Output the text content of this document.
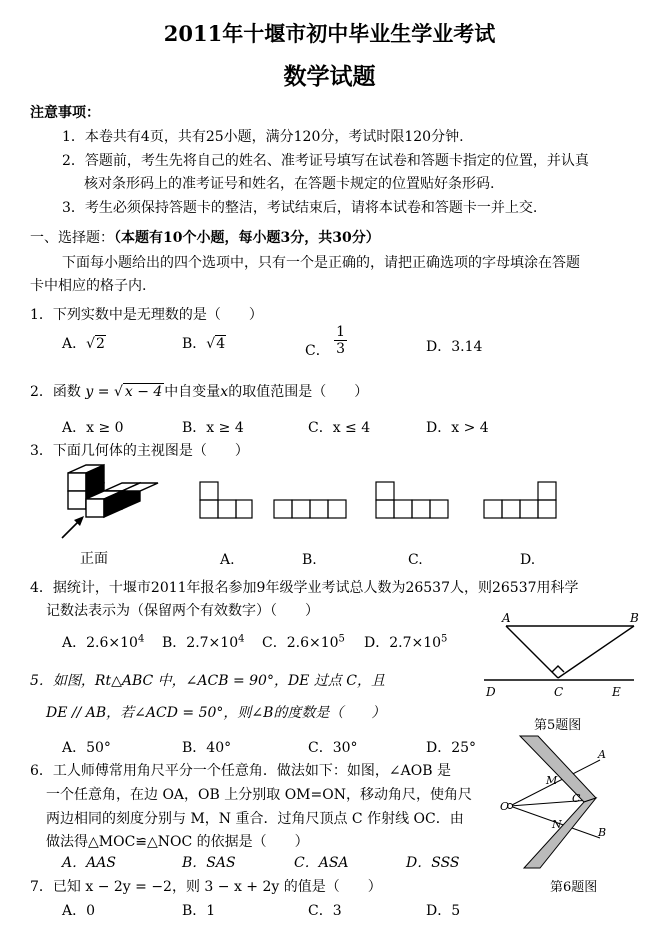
2011年十堰市初中毕业生学业考试
数学试题
注意事项：
1．本卷共有4页，共有25小题，满分120分，考试时限120分钟.
2．答题前，考生先将自己的姓名、准考证号填写在试卷和答题卡指定的位置，并认真
核对条形码上的准考证号和姓名，在答题卡规定的位置贴好条形码.
3．考生必须保持答题卡的整洁，考试结束后，请将本试卷和答题卡一并上交.
一、选择题：（本题有10个小题，每小题3分，共30分）
下面每小题给出的四个选项中，只有一个是正确的，请把正确选项的字母填涂在答题
卡中相应的格子内.
1．下列实数中是无理数的是（　　）
A．√2	B．√4	C． $\frac{1}{3}$	D．3.14
2．函数 y = √ x − 4 中自变量x的取值范围是（　　）
A．x ≥ 0	B．x ≥ 4	C．x ≤ 4	D．x > 4
3．下面几何体的主视图是（　　）
正面	A.	B.	C.	D.
4．据统计，十堰市2011年报名参加9年级学业考试总人数为26537人，则26537用科学
记数法表示为（保留两个有效数字）（　　）
A．$2.6\times 10^4$ B．$2.7\times 10^4$ C．$2.6\times 10^5$ D．$2.7\times 10^5$
A	B
C
D	E
第5题图
5．如图，Rt△ABC 中，∠ACB = 90°，DE 过点 C，且
DE // AB，若∠ACD = 50°，则∠B的度数是（　　）
A．50°	B．40°	C．30°	D．25°
O
A
B
M
N
C
第6题图
6．工人师傅常用角尺平分一个任意角．做法如下：如图，∠AOB 是
一个任意角，在边 OA，OB 上分别取 OM=ON，移动角尺，使角尺
两边相同的刻度分别与 M，N 重合．过角尺顶点 C 作射线 OC．由
做法得△MOC≌△NOC 的依据是（　　）
A．AAS	B．SAS	C．ASA	D．SSS
7．已知 x − 2y = −2，则 3 − x + 2y 的值是（　　）
A．0	B．1	C．3	D．5
